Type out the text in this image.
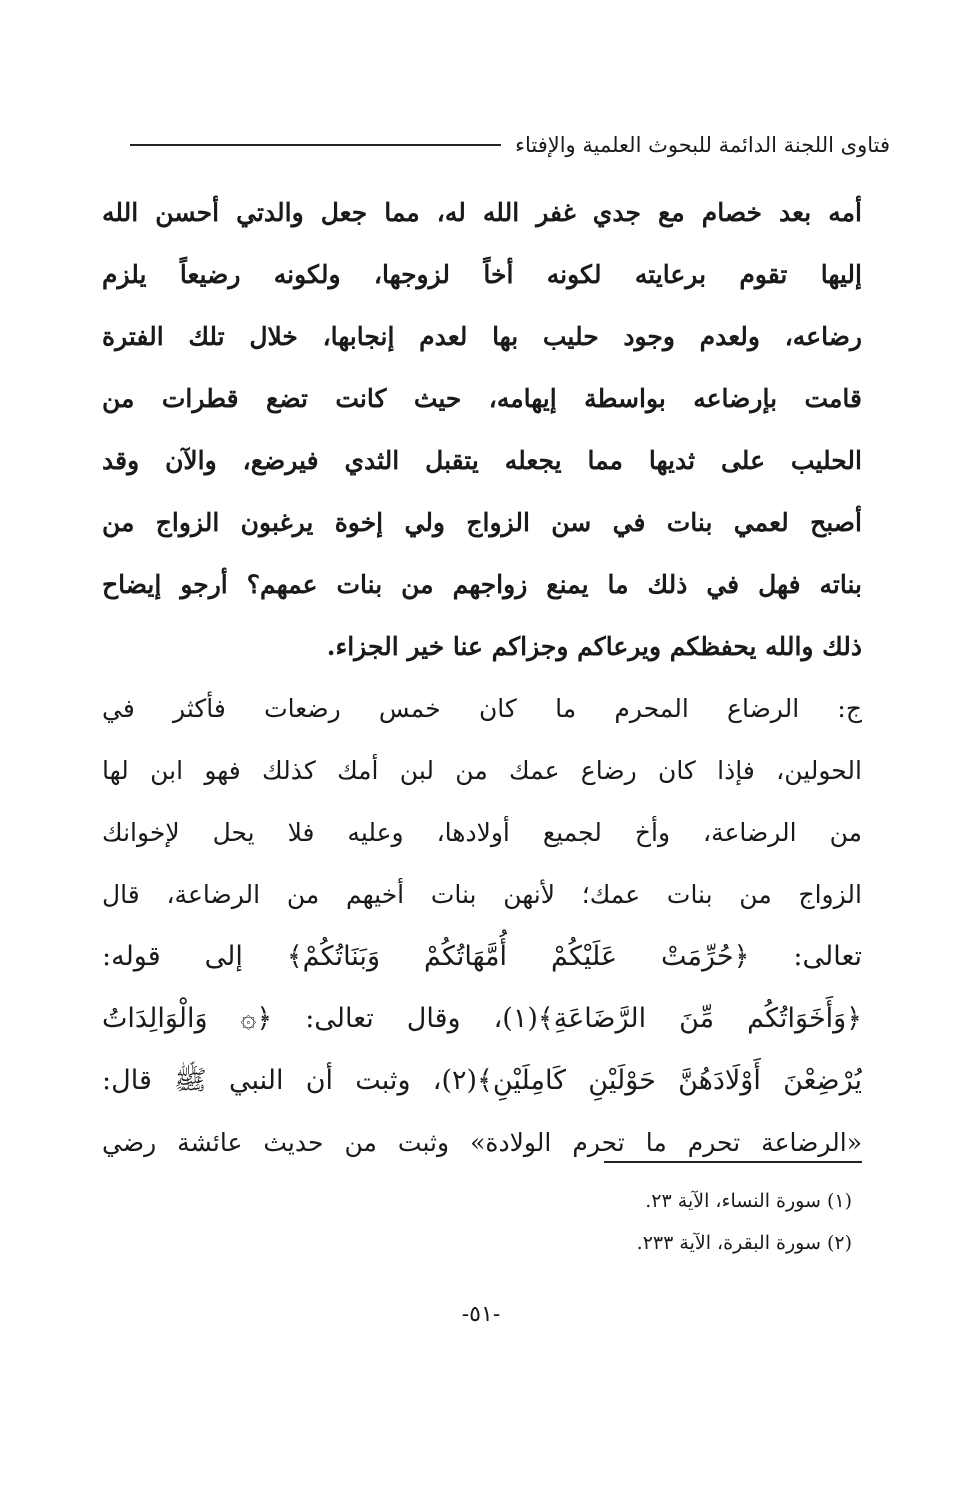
فتاوى اللجنة الدائمة للبحوث العلمية والإفتاء
أمه بعد خصام مع جدي غفر الله له، مما جعل والدتي أحسن الله
إليها تقوم برعايته لكونه أخاً لزوجها، ولكونه رضيعاً يلزم
رضاعه، ولعدم وجود حليب بها لعدم إنجابها، خلال تلك الفترة
قامت بإرضاعه بواسطة إيهامه، حيث كانت تضع قطرات من
الحليب على ثديها مما يجعله يتقبل الثدي فيرضع، والآن وقد
أصبح لعمي بنات في سن الزواج ولي إخوة يرغبون الزواج من
بناته فهل في ذلك ما يمنع زواجهم من بنات عمهم؟ أرجو إيضاح
ذلك والله يحفظكم ويرعاكم وجزاكم عنا خير الجزاء.
ج: الرضاع المحرم ما كان خمس رضعات فأكثر في
الحولين، فإذا كان رضاع عمك من لبن أمك كذلك فهو ابن لها
من الرضاعة، وأخ لجميع أولادها، وعليه فلا يحل لإخوانك
الزواج من بنات عمك؛ لأنهن بنات أخيهم من الرضاعة، قال
تعالى: ﴿حُرِّمَتْ عَلَيْكُمْ أُمَّهَاتُكُمْ وَبَنَاتُكُمْ﴾ إلى قوله:
﴿وَأَخَوَاتُكُم مِّنَ الرَّضَاعَةِ﴾(١)، وقال تعالى: ﴿۞ وَالْوَالِدَاتُ
يُرْضِعْنَ أَوْلَادَهُنَّ حَوْلَيْنِ كَامِلَيْنِ﴾(٢)، وثبت أن النبي ﷺ قال:
«الرضاعة تحرم ما تحرم الولادة» وثبت من حديث عائشة رضي
(١) سورة النساء، الآية ٢٣.
(٢) سورة البقرة، الآية ٢٣٣.
-٥١-
